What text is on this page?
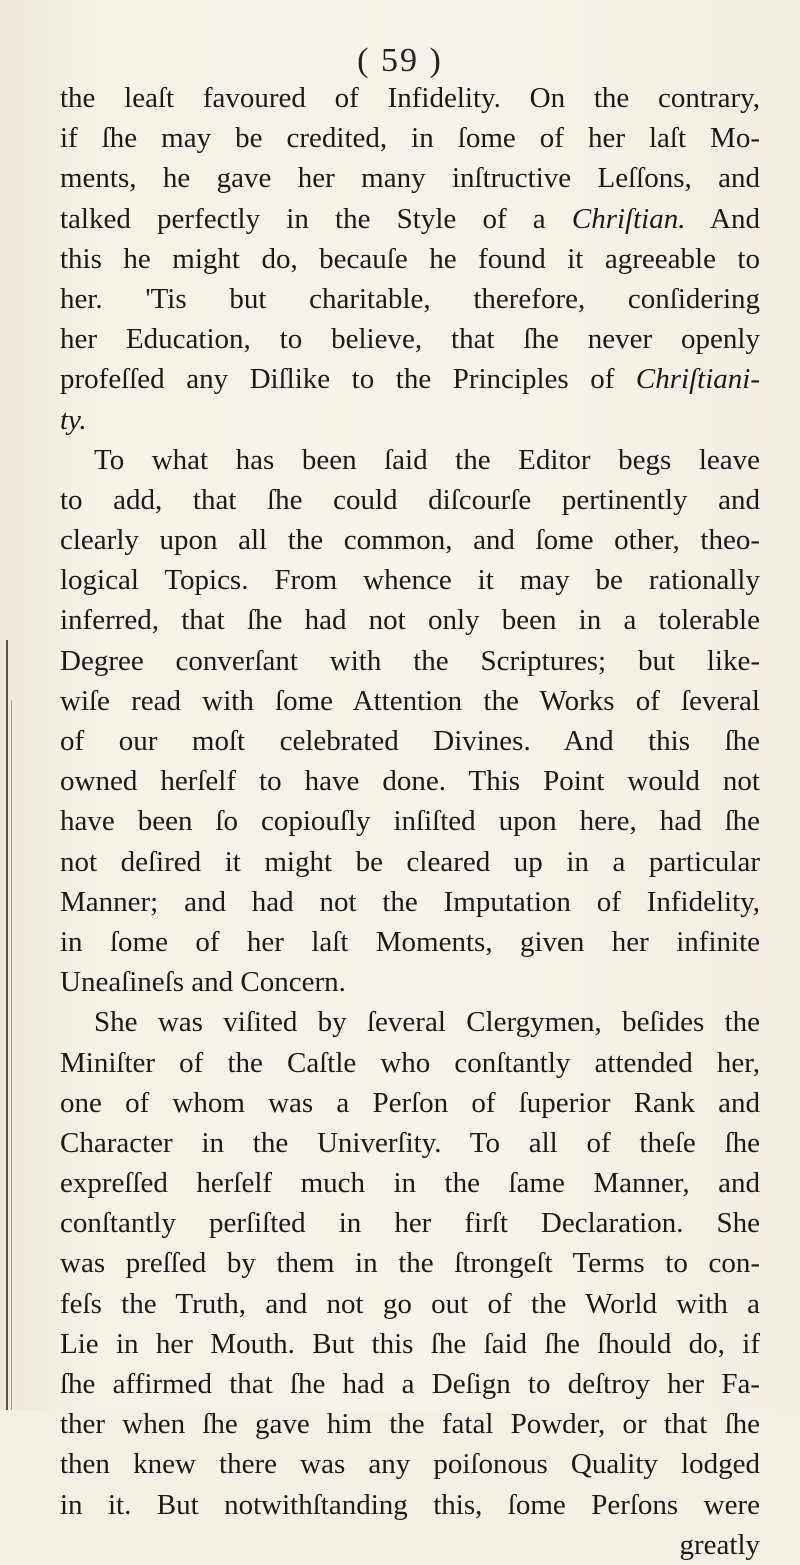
( 59 )
the leaſt favoured of Infidelity. On the contrary,
if ſhe may be credited, in ſome of her laſt Mo-
ments, he gave her many inſtructive Leſſons, and
talked perfectly in the Style of a Chriſtian. And
this he might do, becauſe he found it agreeable to
her. 'Tis but charitable, therefore, conſidering
her Education, to believe, that ſhe never openly
profeſſed any Diſlike to the Principles of Chriſtiani-
ty.
To what has been ſaid the Editor begs leave
to add, that ſhe could diſcourſe pertinently and
clearly upon all the common, and ſome other, theo-
logical Topics. From whence it may be rationally
inferred, that ſhe had not only been in a tolerable
Degree converſant with the Scriptures; but like-
wiſe read with ſome Attention the Works of ſeveral
of our moſt celebrated Divines. And this ſhe
owned herſelf to have done. This Point would not
have been ſo copiouſly inſiſted upon here, had ſhe
not deſired it might be cleared up in a particular
Manner; and had not the Imputation of Infidelity,
in ſome of her laſt Moments, given her infinite
Uneaſineſs and Concern.
She was viſited by ſeveral Clergymen, beſides the
Miniſter of the Caſtle who conſtantly attended her,
one of whom was a Perſon of ſuperior Rank and
Character in the Univerſity. To all of theſe ſhe
expreſſed herſelf much in the ſame Manner, and
conſtantly perſiſted in her firſt Declaration. She
was preſſed by them in the ſtrongeſt Terms to con-
feſs the Truth, and not go out of the World with a
Lie in her Mouth. But this ſhe ſaid ſhe ſhould do, if
ſhe affirmed that ſhe had a Deſign to deſtroy her Fa-
ther when ſhe gave him the fatal Powder, or that ſhe
then knew there was any poiſonous Quality lodged
in it. But notwithſtanding this, ſome Perſons were
greatly
